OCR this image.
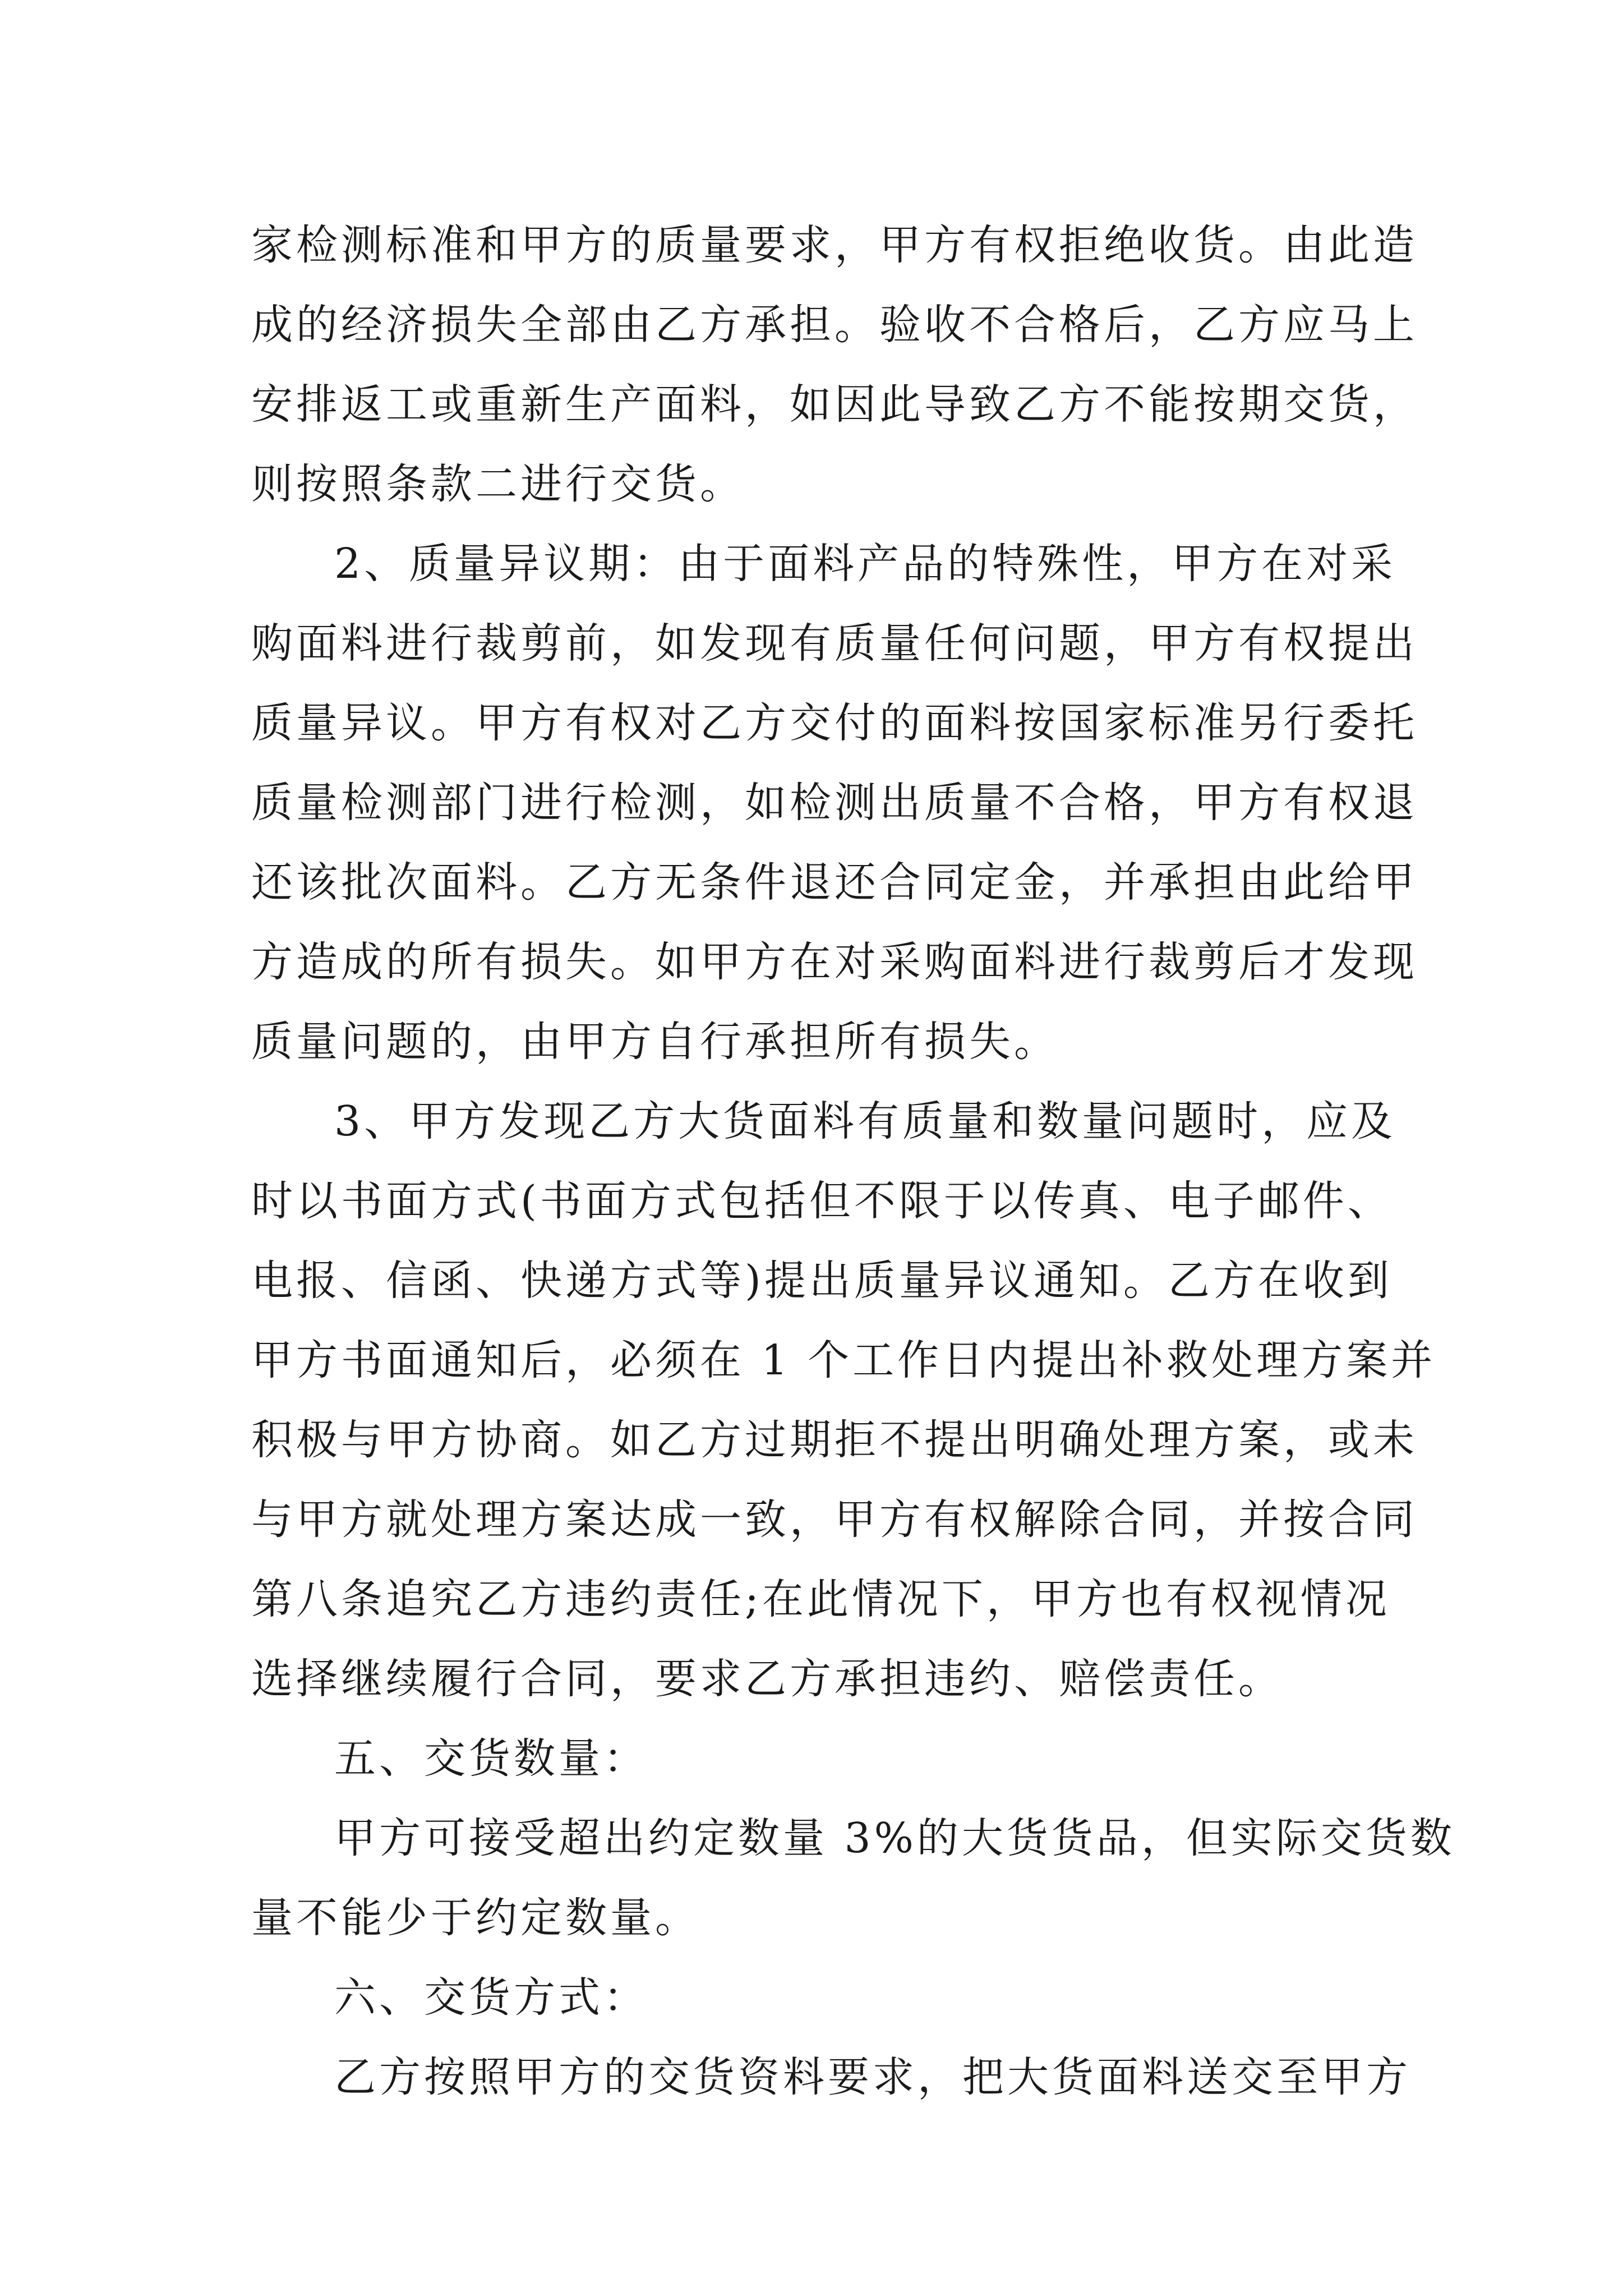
家检测标准和甲方的质量要求，甲方有权拒绝收货。由此造
成的经济损失全部由乙方承担。验收不合格后，乙方应马上
安排返工或重新生产面料，如因此导致乙方不能按期交货，
则按照条款二进行交货。
2、质量异议期：由于面料产品的特殊性，甲方在对采
购面料进行裁剪前，如发现有质量任何问题，甲方有权提出
质量异议。甲方有权对乙方交付的面料按国家标准另行委托
质量检测部门进行检测，如检测出质量不合格，甲方有权退
还该批次面料。乙方无条件退还合同定金，并承担由此给甲
方造成的所有损失。如甲方在对采购面料进行裁剪后才发现
质量问题的，由甲方自行承担所有损失。
3、甲方发现乙方大货面料有质量和数量问题时，应及
时以书面方式(书面方式包括但不限于以传真、电子邮件、
电报、信函、快递方式等)提出质量异议通知。乙方在收到
甲方书面通知后，必须在 1 个工作日内提出补救处理方案并
积极与甲方协商。如乙方过期拒不提出明确处理方案，或未
与甲方就处理方案达成一致，甲方有权解除合同，并按合同
第八条追究乙方违约责任;在此情况下，甲方也有权视情况
选择继续履行合同，要求乙方承担违约、赔偿责任。
五、交货数量：
甲方可接受超出约定数量 3%的大货货品，但实际交货数
量不能少于约定数量。
六、交货方式：
乙方按照甲方的交货资料要求，把大货面料送交至甲方
